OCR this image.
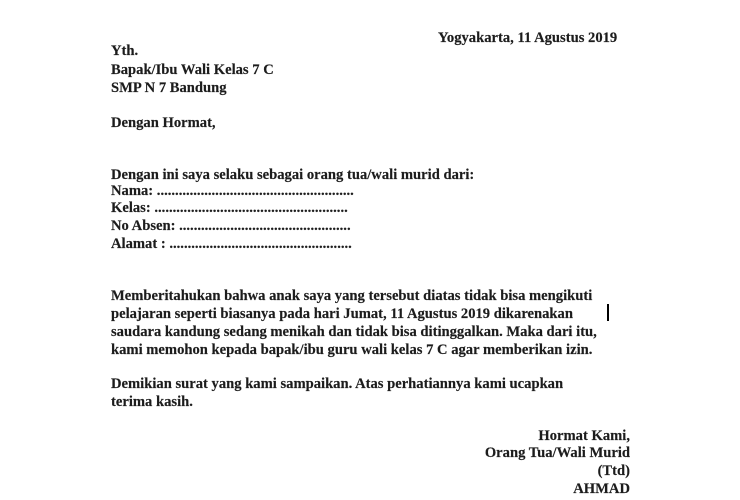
Yogyakarta, 11 Agustus 2019
Yth.
Bapak/Ibu Wali Kelas 7 C
SMP N 7 Bandung
Dengan Hormat,
Dengan ini saya selaku sebagai orang tua/wali murid dari:
Nama: ......................................................
Kelas: .....................................................
No Absen: ...............................................
Alamat : ..................................................
Memberitahukan bahwa anak saya yang tersebut diatas tidak bisa mengikuti
pelajaran seperti biasanya pada hari Jumat, 11 Agustus 2019 dikarenakan
saudara kandung sedang menikah dan tidak bisa ditinggalkan. Maka dari itu,
kami memohon kepada bapak/ibu guru wali kelas 7 C agar memberikan izin.
Demikian surat yang kami sampaikan. Atas perhatiannya kami ucapkan
terima kasih.
Hormat Kami,
Orang Tua/Wali Murid
(Ttd)
AHMAD
